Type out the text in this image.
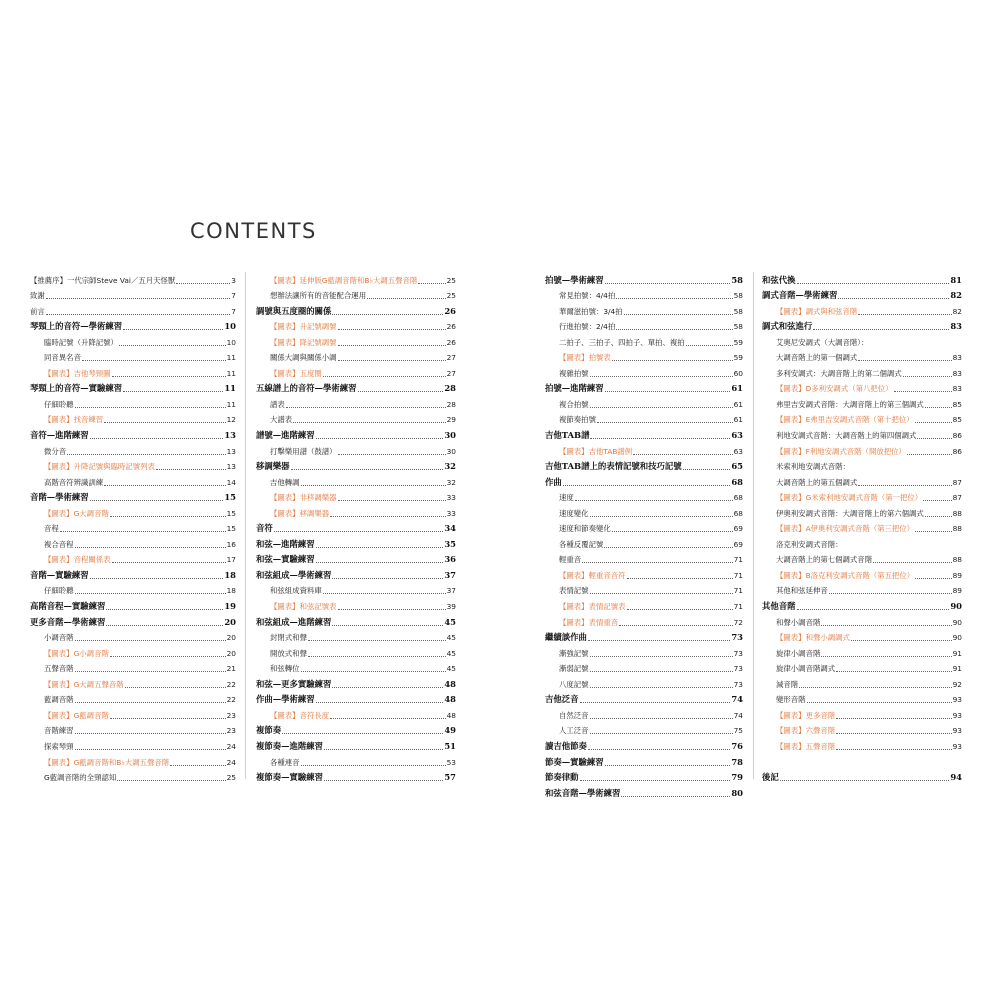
CONTENTS
【推薦序】一代宗師Steve Vai／五月天怪獸	3
致謝	7
前言	7
琴頸上的音符—學術練習	10
臨時記號（升降記號）	10
同音異名音	11
【圖表】吉他琴頸圖	11
琴頸上的音符—實驗練習	11
仔細聆聽	11
【圖表】找音練習	12
音符—進階練習	13
微分音	13
【圖表】升降記號與臨時記號列表	13
高階音符辨識訓練	14
音階—學術練習	15
【圖表】G大調音階	15
音程	15
複合音程	16
【圖表】音程關係表	17
音階—實驗練習	18
仔細聆聽	18
高階音程—實驗練習	19
更多音階—學術練習	20
小調音階	20
【圖表】G小調音階	20
五聲音階	21
【圖表】G大調五聲音階	22
藍調音階	22
【圖表】G藍調音階	23
音階練習	23
探索琴頸	24
【圖表】G藍調音階和B♭大調五聲音階	24
G藍調音階的全頸認知	25
【圖表】延伸版G藍調音階和B♭大調五聲音階	25
想辦法讓所有的音能配合運用	25
調號與五度圈的關係	26
【圖表】升記號調號	26
【圖表】降記號調號	26
關係大調與關係小調	27
【圖表】五度圈	27
五線譜上的音符—學術練習	28
譜表	28
大譜表	29
譜號—進階練習	30
打擊樂用譜（鼓譜）	30
移調樂器	32
吉他轉調	32
【圖表】非移調樂器	33
【圖表】移調樂器	33
音符	34
和弦—進階練習	35
和弦—實驗練習	36
和弦組成—學術練習	37
和弦組成資料庫	37
【圖表】和弦記號表	39
和弦組成—進階練習	45
封閉式和聲	45
開放式和聲	45
和弦轉位	45
和弦—更多實驗練習	48
作曲—學術練習	48
【圖表】音符長度	48
複節奏	49
複節奏—進階練習	51
各種連音	53
複節奏—實驗練習	57
拍號—學術練習	58
常見拍號：4/4拍	58
華爾滋拍號：3/4拍	58
行進拍號：2/4拍	58
二拍子、三拍子、四拍子、單拍、複拍	59
【圖表】拍號表	59
複雜拍號	60
拍號—進階練習	61
複合拍號	61
複節奏拍號	61
吉他TAB譜	63
【圖表】吉他TAB譜例	63
吉他TAB譜上的表情記號和技巧記號	65
作曲	68
速度	68
速度變化	68
速度和節奏變化	69
各種反覆記號	69
輕重音	71
【圖表】輕重音音符	71
表情記號	71
【圖表】表情記號表	71
【圖表】表情重音	72
繼續談作曲	73
漸強記號	73
漸弱記號	73
八度記號	73
吉他泛音	74
自然泛音	74
人工泛音	75
讀吉他節奏	76
節奏—實驗練習	78
節奏律動	79
和弦音階—學術練習	80
和弦代換	81
調式音階—學術練習	82
【圖表】調式與和弦音階	82
調式和弦進行	83
艾奧尼安調式（大調音階）：
大調音階上的第一個調式	83
多利安調式：大調音階上的第二個調式	83
【圖表】D多利安調式（第八把位）	83
弗里吉安調式音階：大調音階上的第三個調式	85
【圖表】E弗里吉安調式音階（第十把位）	85
利地安調式音階：大調音階上的第四個調式	86
【圖表】F利地安調式音階（開放把位）	86
米索利地安調式音階：
大調音階上的第五個調式	87
【圖表】G米索利地安調式音階（第一把位）	87
伊奧利安調式音階：大調音階上的第六個調式	88
【圖表】A伊奧利安調式音階（第三把位）	88
洛克利安調式音階：
大調音階上的第七個調式音階	88
【圖表】B洛克利安調式音階（第五把位）	89
其他和弦延伸音	89
其他音階	90
和聲小調音階	90
【圖表】和聲小調調式	90
旋律小調音階	91
旋律小調音階調式	91
減音階	92
變形音階	93
【圖表】更多音階	93
【圖表】六聲音階	93
【圖表】五聲音階	93
後記	94
